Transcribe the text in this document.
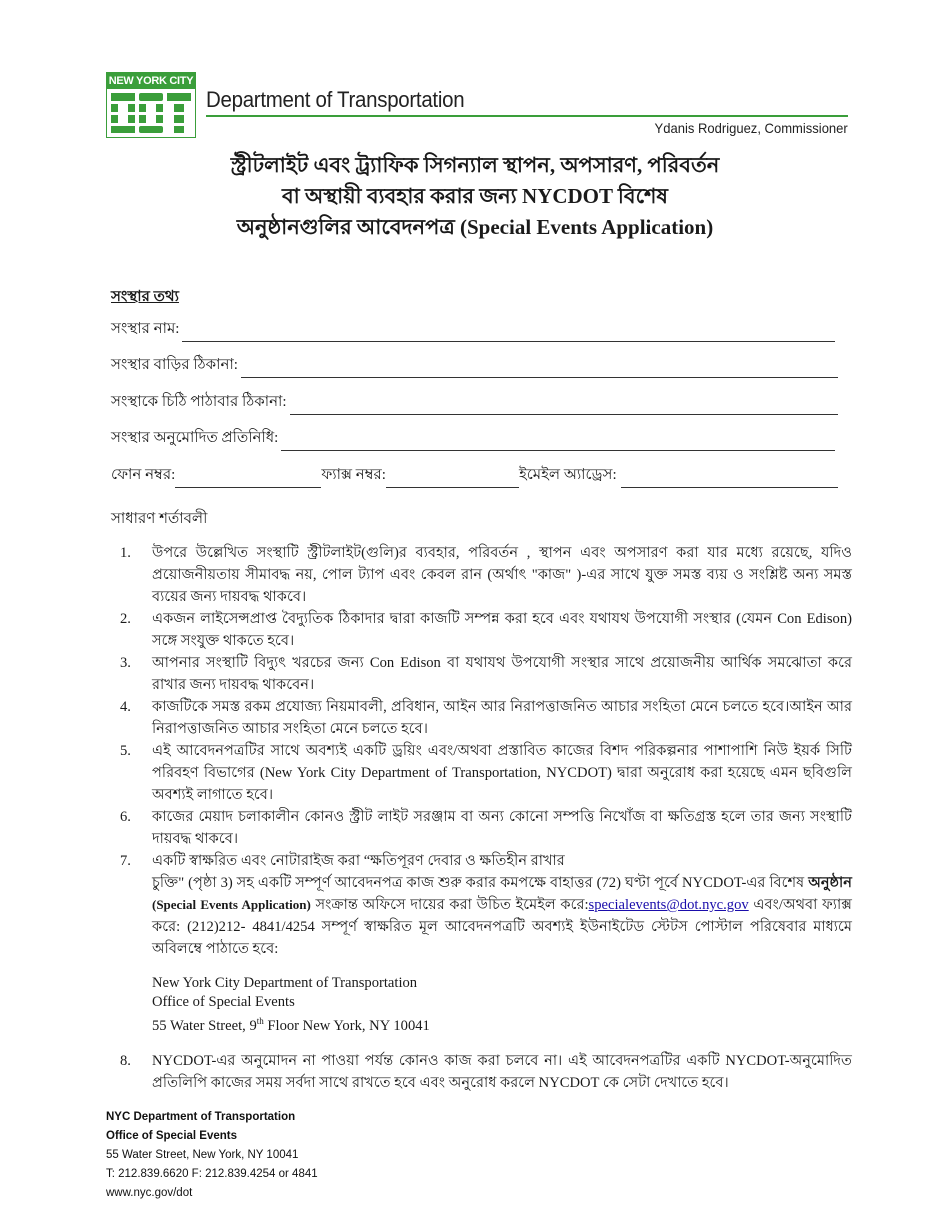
NEW YORK CITY
Department of Transportation
Ydanis Rodriguez, Commissioner
স্ট্রীটলাইট এবং ট্র্যাফিক সিগন্যাল স্থাপন, অপসারণ, পরিবর্তন
বা অস্থায়ী ব্যবহার করার জন্য NYCDOT বিশেষ
অনুষ্ঠানগুলির আবেদনপত্র (Special Events Application)
সংস্থার তথ্য
সংস্থার নাম:
সংস্থার বাড়ির ঠিকানা:
সংস্থাকে চিঠি পাঠাবার ঠিকানা:
সংস্থার অনুমোদিত প্রতিনিধি:
ফোন নম্বর:	ফ্যাক্স নম্বর:	ইমেইল অ্যাড্রেস:
সাধারণ শর্তাবলী
1.	উপরে উল্লেখিত সংস্থাটি স্ট্রীটলাইট(গুলি)র ব্যবহার, পরিবর্তন , স্থাপন এবং অপসারণ করা যার মধ্যে রয়েছে, যদিও প্রয়োজনীয়তায় সীমাবদ্ধ নয়, পোল ট্যাপ এবং কেবল রান (অর্থাৎ "কাজ" )-এর সাথে যুক্ত সমস্ত ব্যয় ও সংশ্লিষ্ট অন্য সমস্ত ব্যয়ের জন্য দায়বদ্ধ থাকবে।
2.	একজন লাইসেন্সপ্রাপ্ত বৈদ্যুতিক ঠিকাদার দ্বারা কাজটি সম্পন্ন করা হবে এবং যথাযথ উপযোগী সংস্থার (যেমন Con Edison) সঙ্গে সংযুক্ত থাকতে হবে।
3.	আপনার সংস্থাটি বিদ্যুৎ খরচের জন্য Con Edison বা যথাযথ উপযোগী সংস্থার সাথে প্রয়োজনীয় আর্থিক সমঝোতা করে রাখার জন্য দায়বদ্ধ থাকবেন।
4.	কাজটিকে সমস্ত রকম প্রযোজ্য নিয়মাবলী, প্রবিধান, আইন আর নিরাপত্তাজনিত আচার সংহিতা মেনে চলতে হবে।আইন আর নিরাপত্তাজনিত আচার সংহিতা মেনে চলতে হবে।
5.	এই আবেদনপত্রটির সাথে অবশ্যই একটি ড্রয়িং এবং/অথবা প্রস্তাবিত কাজের বিশদ পরিকল্পনার পাশাপাশি নিউ ইয়র্ক সিটি পরিবহণ বিভাগের (New York City Department of Transportation, NYCDOT) দ্বারা অনুরোধ করা হয়েছে এমন ছবিগুলি অবশ্যই লাগাতে হবে।
6.	কাজের মেয়াদ চলাকালীন কোনও স্ট্রীট লাইট সরঞ্জাম বা অন্য কোনো সম্পত্তি নিখোঁজ বা ক্ষতিগ্রস্ত হলে তার জন্য সংস্থাটি দায়বদ্ধ থাকবে।
7.	একটি স্বাক্ষরিত এবং নোটারাইজ করা “ক্ষতিপূরণ দেবার ও ক্ষতিহীন রাখার
চুক্তি" (পৃষ্ঠা 3) সহ একটি সম্পূর্ণ আবেদনপত্র কাজ শুরু করার কমপক্ষে বাহাত্তর (72) ঘণ্টা পূর্বে NYCDOT-এর বিশেষ অনুষ্ঠান (Special Events Application) সংক্রান্ত অফিসে দায়ের করা উচিত ইমেইল করে:specialevents@dot.nyc.gov এবং/অথবা ফ্যাক্স করে: (212)212- 4841/4254 সম্পূর্ণ স্বাক্ষরিত মূল আবেদনপত্রটি অবশ্যই ইউনাইটেড স্টেটস পোস্টাল পরিষেবার মাধ্যমে অবিলম্বে পাঠাতে হবে:
New York City Department of Transportation
Office of Special Events
55 Water Street, 9th Floor New York, NY 10041
8.	NYCDOT-এর অনুমোদন না পাওয়া পর্যন্ত কোনও কাজ করা চলবে না। এই আবেদনপত্রটির একটি NYCDOT-অনুমোদিত প্রতিলিপি কাজের সময় সর্বদা সাথে রাখতে হবে এবং অনুরোধ করলে NYCDOT কে সেটা দেখাতে হবে।
NYC Department of Transportation
Office of Special Events
55 Water Street, New York, NY 10041
T: 212.839.6620 F: 212.839.4254 or 4841
www.nyc.gov/dot
